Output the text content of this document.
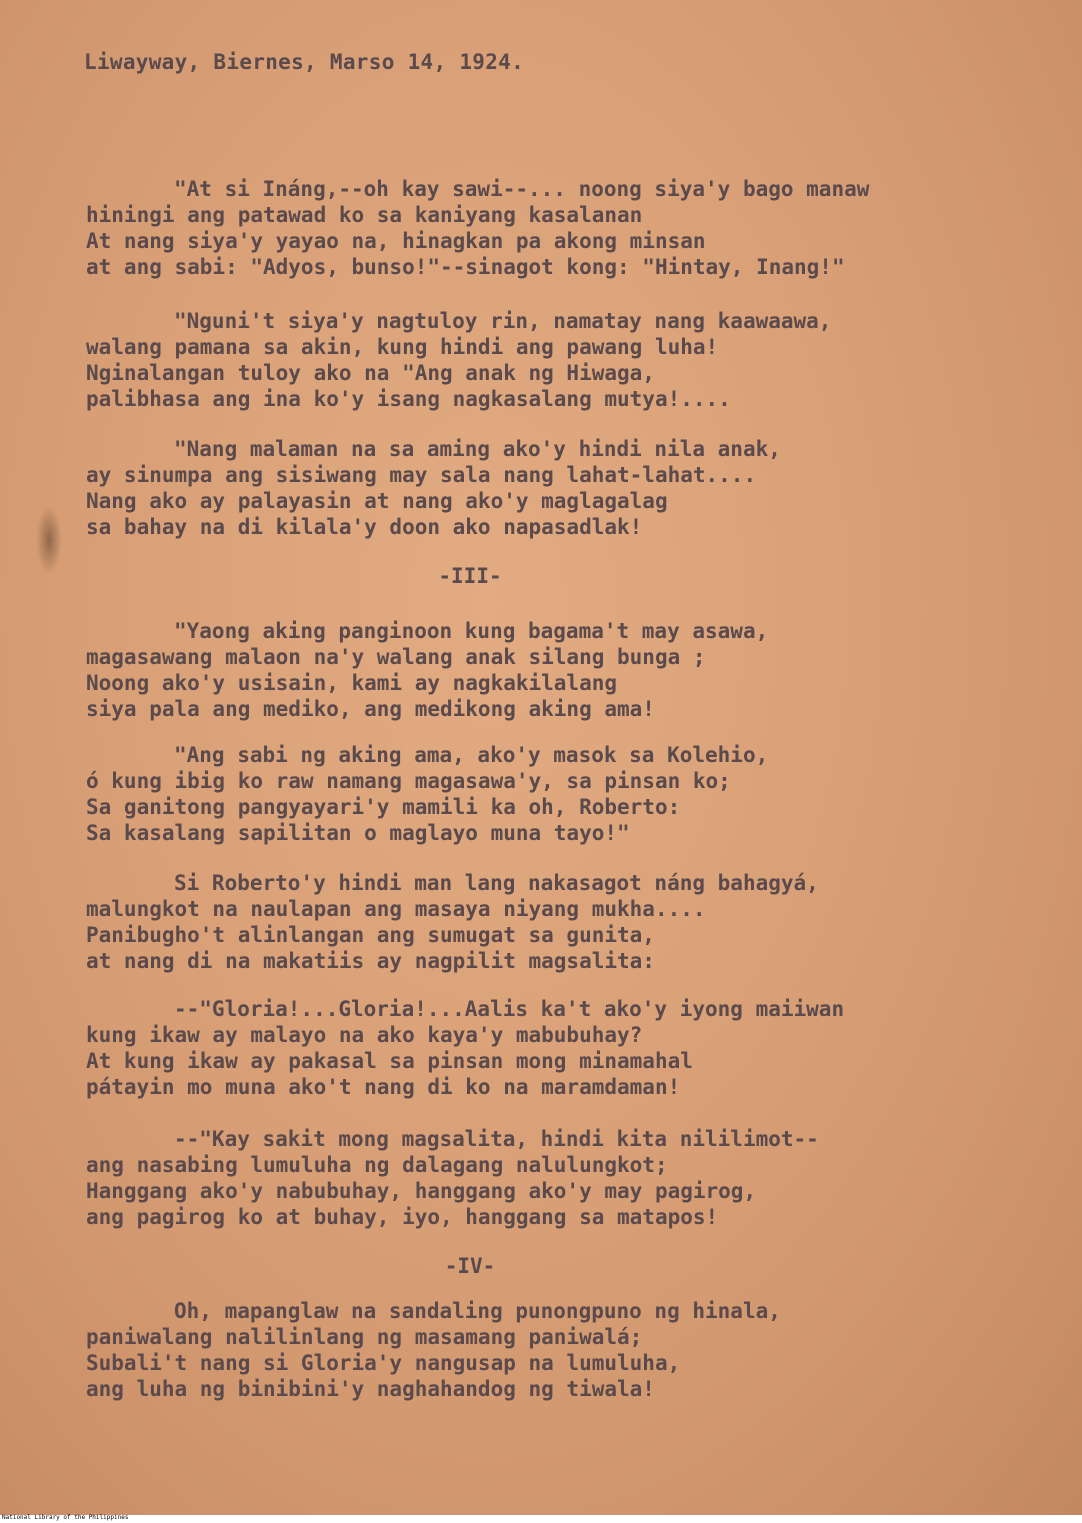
Liwayway, Biernes, Marso 14, 1924.
"At si Ináng,--oh kay sawi--... noong siya'y bago manaw
hiningi ang patawad ko sa kaniyang kasalanan
At nang siya'y yayao na, hinagkan pa akong minsan
at ang sabi: "Adyos, bunso!"--sinagot kong: "Hintay, Inang!"
"Nguni't siya'y nagtuloy rin, namatay nang kaawaawa,
walang pamana sa akin, kung hindi ang pawang luha!
Nginalangan tuloy ako na "Ang anak ng Hiwaga,
palibhasa ang ina ko'y isang nagkasalang mutya!....
"Nang malaman na sa aming ako'y hindi nila anak,
ay sinumpa ang sisiwang may sala nang lahat-lahat....
Nang ako ay palayasin at nang ako'y maglagalag
sa bahay na di kilala'y doon ako napasadlak!
-III-
"Yaong aking panginoon kung bagama't may asawa,
magasawang malaon na'y walang anak silang bunga ;
Noong ako'y usisain, kami ay nagkakilalang
siya pala ang mediko, ang medikong aking ama!
"Ang sabi ng aking ama, ako'y masok sa Kolehio,
ó kung ibig ko raw namang magasawa'y, sa pinsan ko;
Sa ganitong pangyayari'y mamili ka oh, Roberto:
Sa kasalang sapilitan o maglayo muna tayo!"
Si Roberto'y hindi man lang nakasagot náng bahagyá,
malungkot na naulapan ang masaya niyang mukha....
Panibugho't alinlangan ang sumugat sa gunita,
at nang di na makatiis ay nagpilit magsalita:
--"Gloria!...Gloria!...Aalis ka't ako'y iyong maiiwan
kung ikaw ay malayo na ako kaya'y mabubuhay?
At kung ikaw ay pakasal sa pinsan mong minamahal
pátayin mo muna ako't nang di ko na maramdaman!
--"Kay sakit mong magsalita, hindi kita nililimot--
ang nasabing lumuluha ng dalagang nalulungkot;
Hanggang ako'y nabubuhay, hanggang ako'y may pagirog,
ang pagirog ko at buhay, iyo, hanggang sa matapos!
-IV-
Oh, mapanglaw na sandaling punongpuno ng hinala,
paniwalang nalilinlang ng masamang paniwalá;
Subali't nang si Gloria'y nangusap na lumuluha,
ang luha ng binibini'y naghahandog ng tiwala!
National Library of the Philippines
